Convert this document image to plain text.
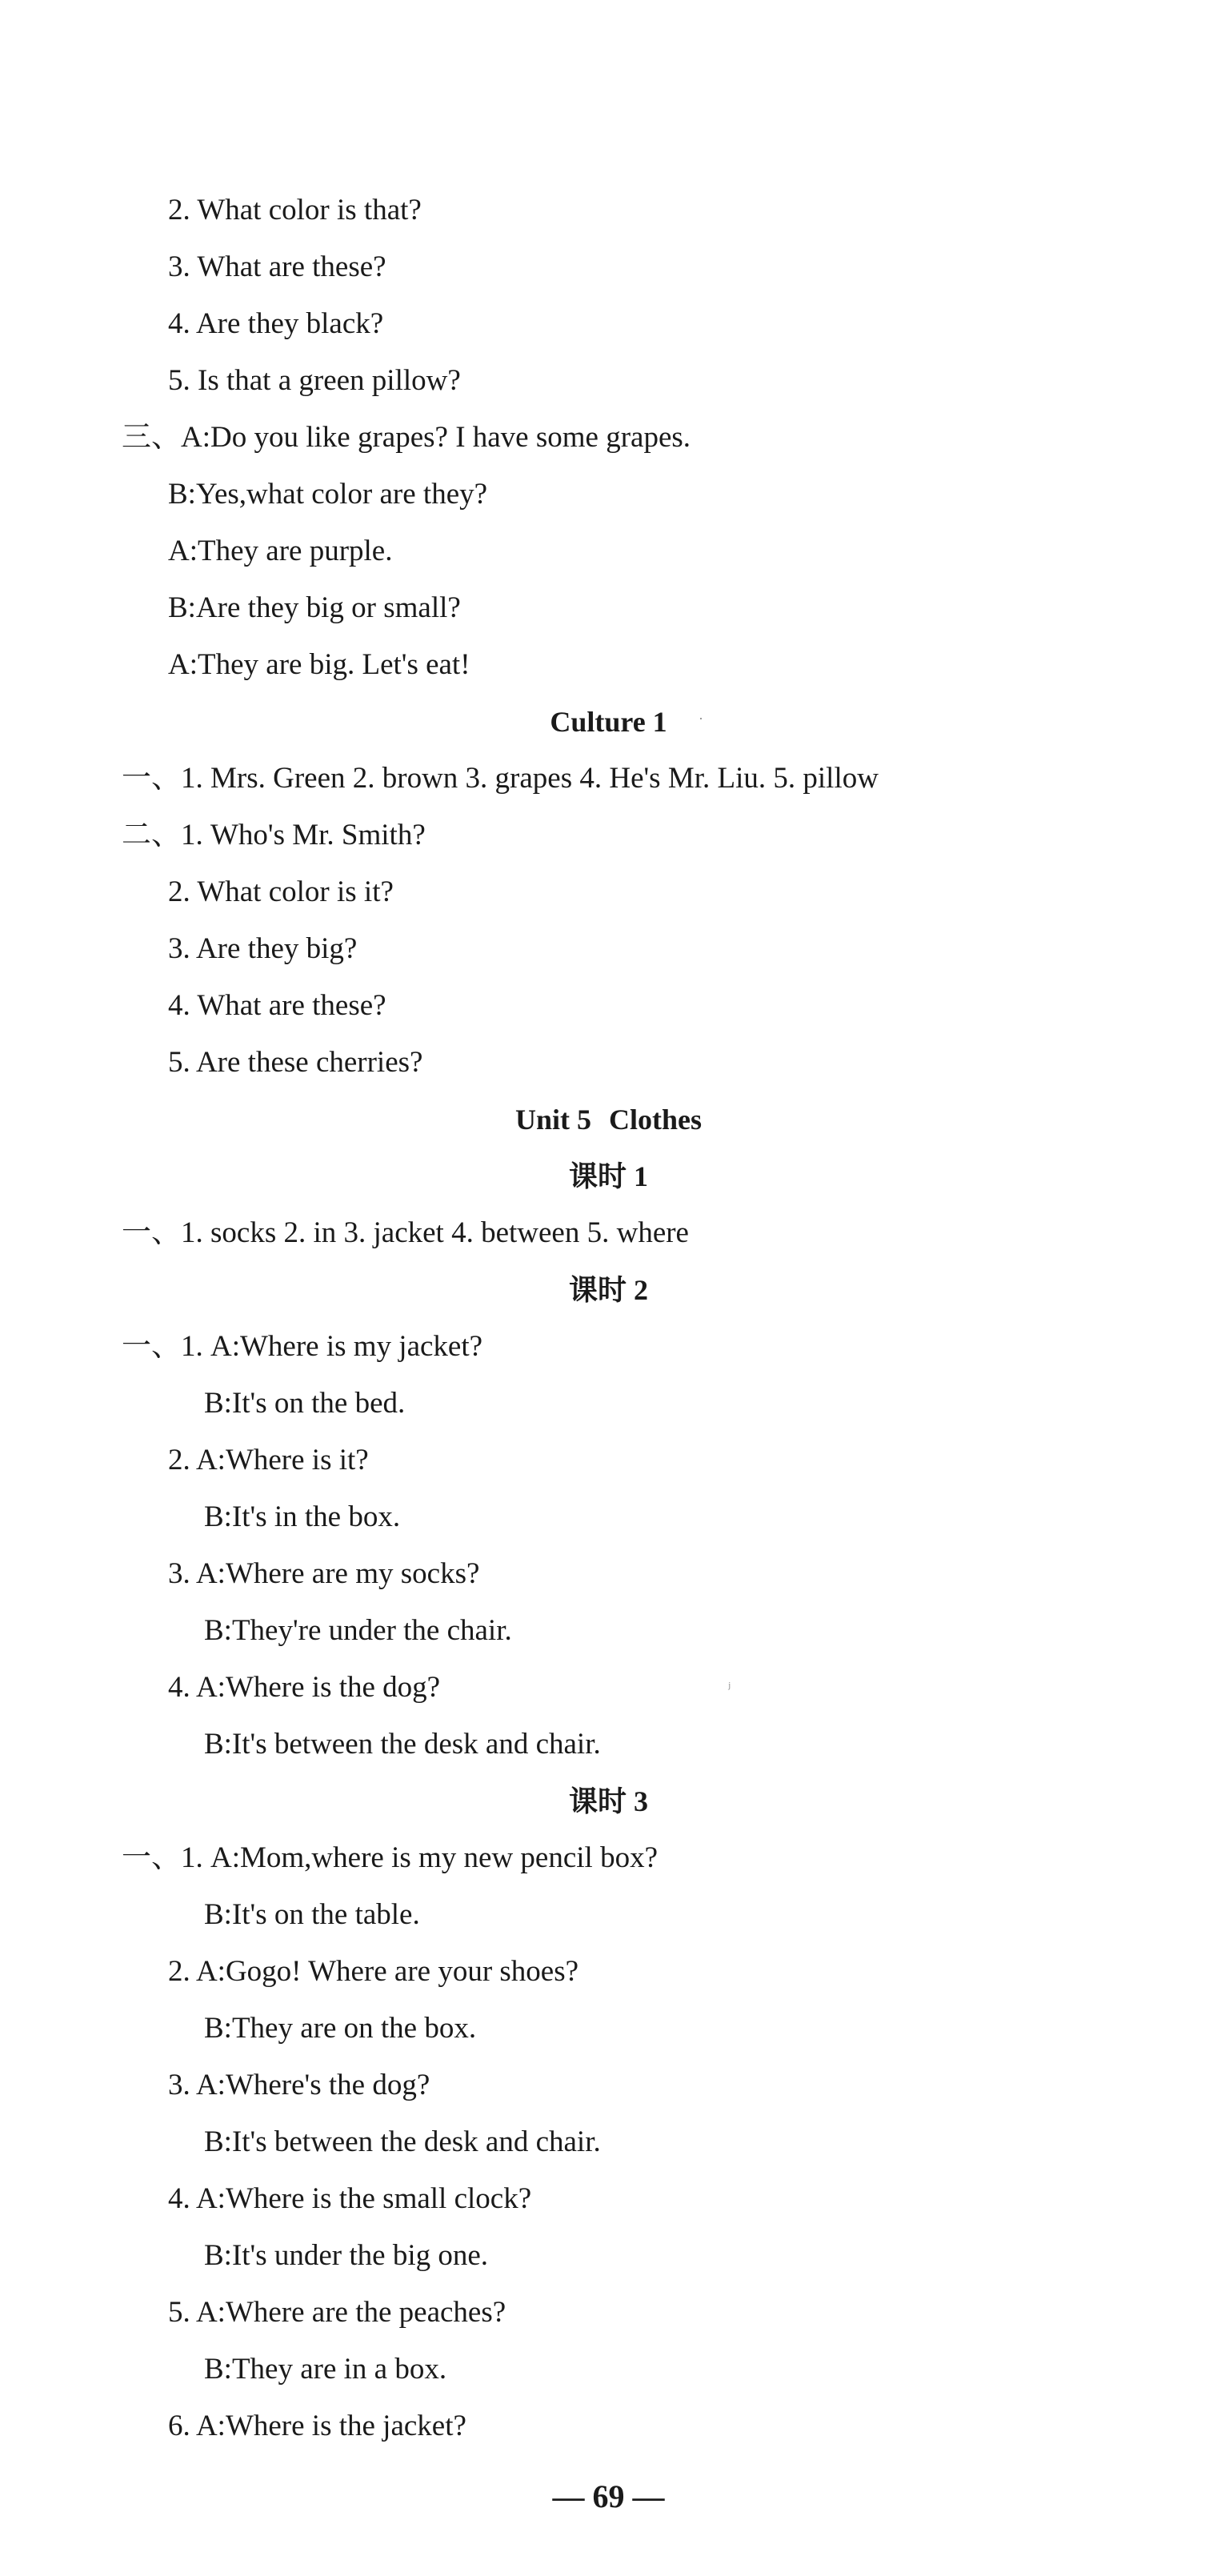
2. What color is that?
3. What are these?
4. Are they black?
5. Is that a green pillow?
三、A:Do you like grapes? I have some grapes.
B:Yes,what color are they?
A:They are purple.
B:Are they big or small?
A:They are big. Let's eat!
Culture 1
一、1. Mrs. Green 2. brown 3. grapes 4. He's Mr. Liu. 5. pillow
二、1. Who's Mr. Smith?
2. What color is it?
3. Are they big?
4. What are these?
5. Are these cherries?
Unit 5 Clothes
课时 1
一、1. socks 2. in 3. jacket 4. between 5. where
课时 2
一、1. A:Where is my jacket?
B:It's on the bed.
2. A:Where is it?
B:It's in the box.
3. A:Where are my socks?
B:They're under the chair.
4. A:Where is the dog?
B:It's between the desk and chair.
课时 3
一、1. A:Mom,where is my new pencil box?
B:It's on the table.
2. A:Gogo! Where are your shoes?
B:They are on the box.
3. A:Where's the dog?
B:It's between the desk and chair.
4. A:Where is the small clock?
B:It's under the big one.
5. A:Where are the peaches?
B:They are in a box.
6. A:Where is the jacket?
— 69 —
·
ʲ
